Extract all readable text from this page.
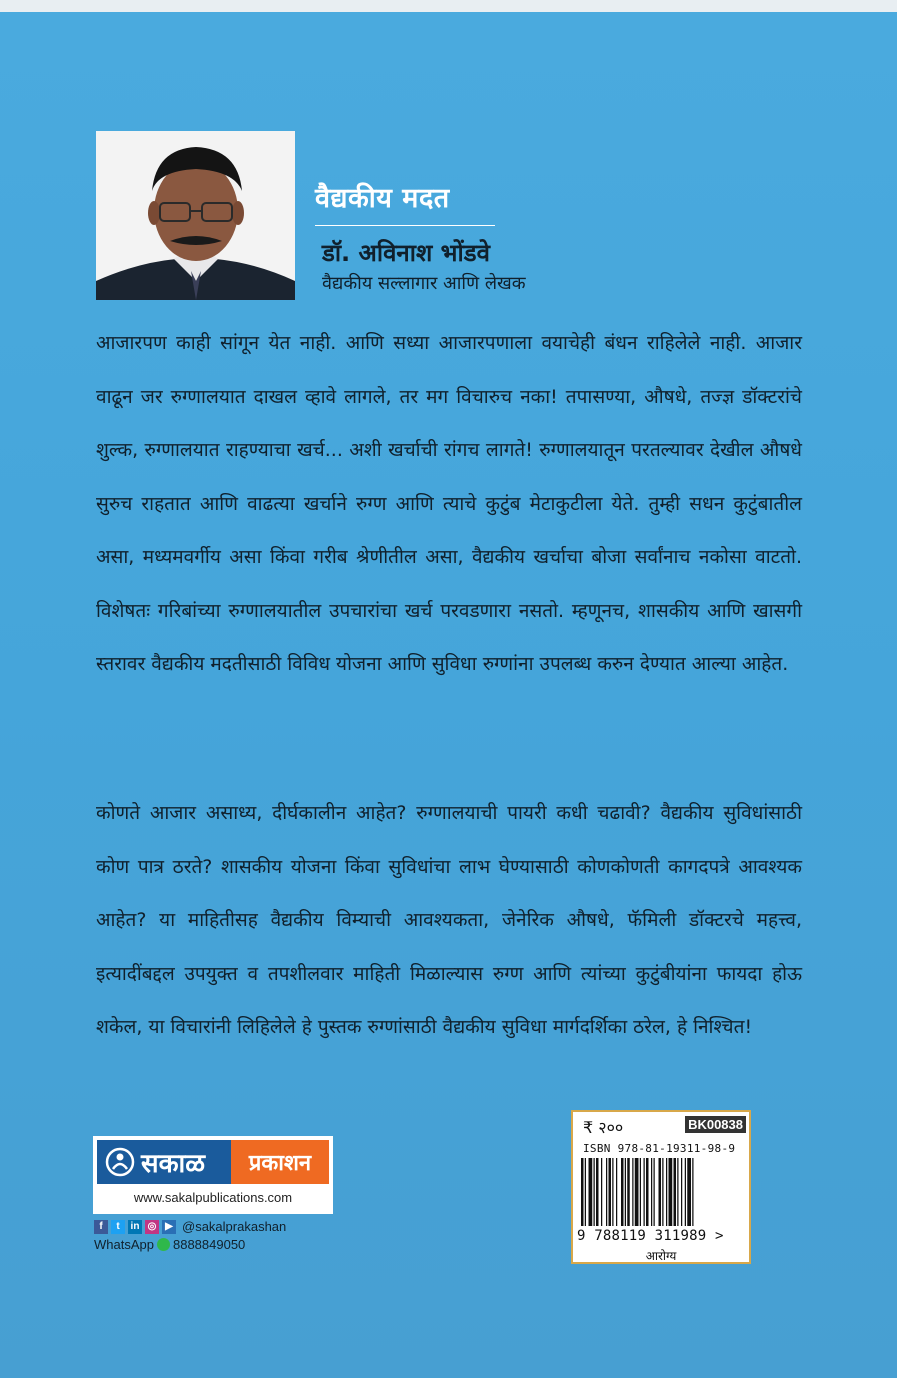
वैद्यकीय मदत
डॉ. अविनाश भोंडवे
वैद्यकीय सल्लागार आणि लेखक

आजारपण काही सांगून येत नाही. आणि सध्या आजारपणाला वयाचेही बंधन राहिलेले नाही. आजार वाढून जर रुग्णालयात दाखल व्हावे लागले, तर मग विचारुच नका! तपासण्या, औषधे, तज्ज्ञ डॉक्टरांचे शुल्क, रुग्णालयात राहण्याचा खर्च... अशी खर्चाची रांगच लागते! रुग्णालयातून परतल्यावर देखील औषधे सुरुच राहतात आणि वाढत्या खर्चाने रुग्ण आणि त्याचे कुटुंब मेटाकुटीला येते. तुम्ही सधन कुटुंबातील असा, मध्यमवर्गीय असा किंवा गरीब श्रेणीतील असा, वैद्यकीय खर्चाचा बोजा सर्वांनाच नकोसा वाटतो. विशेषतः गरिबांच्या रुग्णालयातील उपचारांचा खर्च परवडणारा नसतो. म्हणूनच, शासकीय आणि खासगी स्तरावर वैद्यकीय मदतीसाठी विविध योजना आणि सुविधा रुग्णांना उपलब्ध करुन देण्यात आल्या आहेत.

कोणते आजार असाध्य, दीर्घकालीन आहेत? रुग्णालयाची पायरी कधी चढावी? वैद्यकीय सुविधांसाठी कोण पात्र ठरते? शासकीय योजना किंवा सुविधांचा लाभ घेण्यासाठी कोणकोणती कागदपत्रे आवश्यक आहेत? या माहितीसह वैद्यकीय विम्याची आवश्यकता, जेनेरिक औषधे, फॅमिली डॉक्टरचे महत्त्व, इत्यादींबद्दल उपयुक्त व तपशीलवार माहिती मिळाल्यास रुग्ण आणि त्यांच्या कुटुंबीयांना फायदा होऊ शकेल, या विचारांनी लिहिलेले हे पुस्तक रुग्णांसाठी वैद्यकीय सुविधा मार्गदर्शिका ठरेल, हे निश्चित!

सकाळ	प्रकाशन
www.sakalpublications.com
f	t	in ◎ ▶ @sakalprakashan
WhatsApp 8888849050
₹ २००	BK00838
ISBN 978-81-19311-98-9
9 788119 311989 >
आरोग्य
